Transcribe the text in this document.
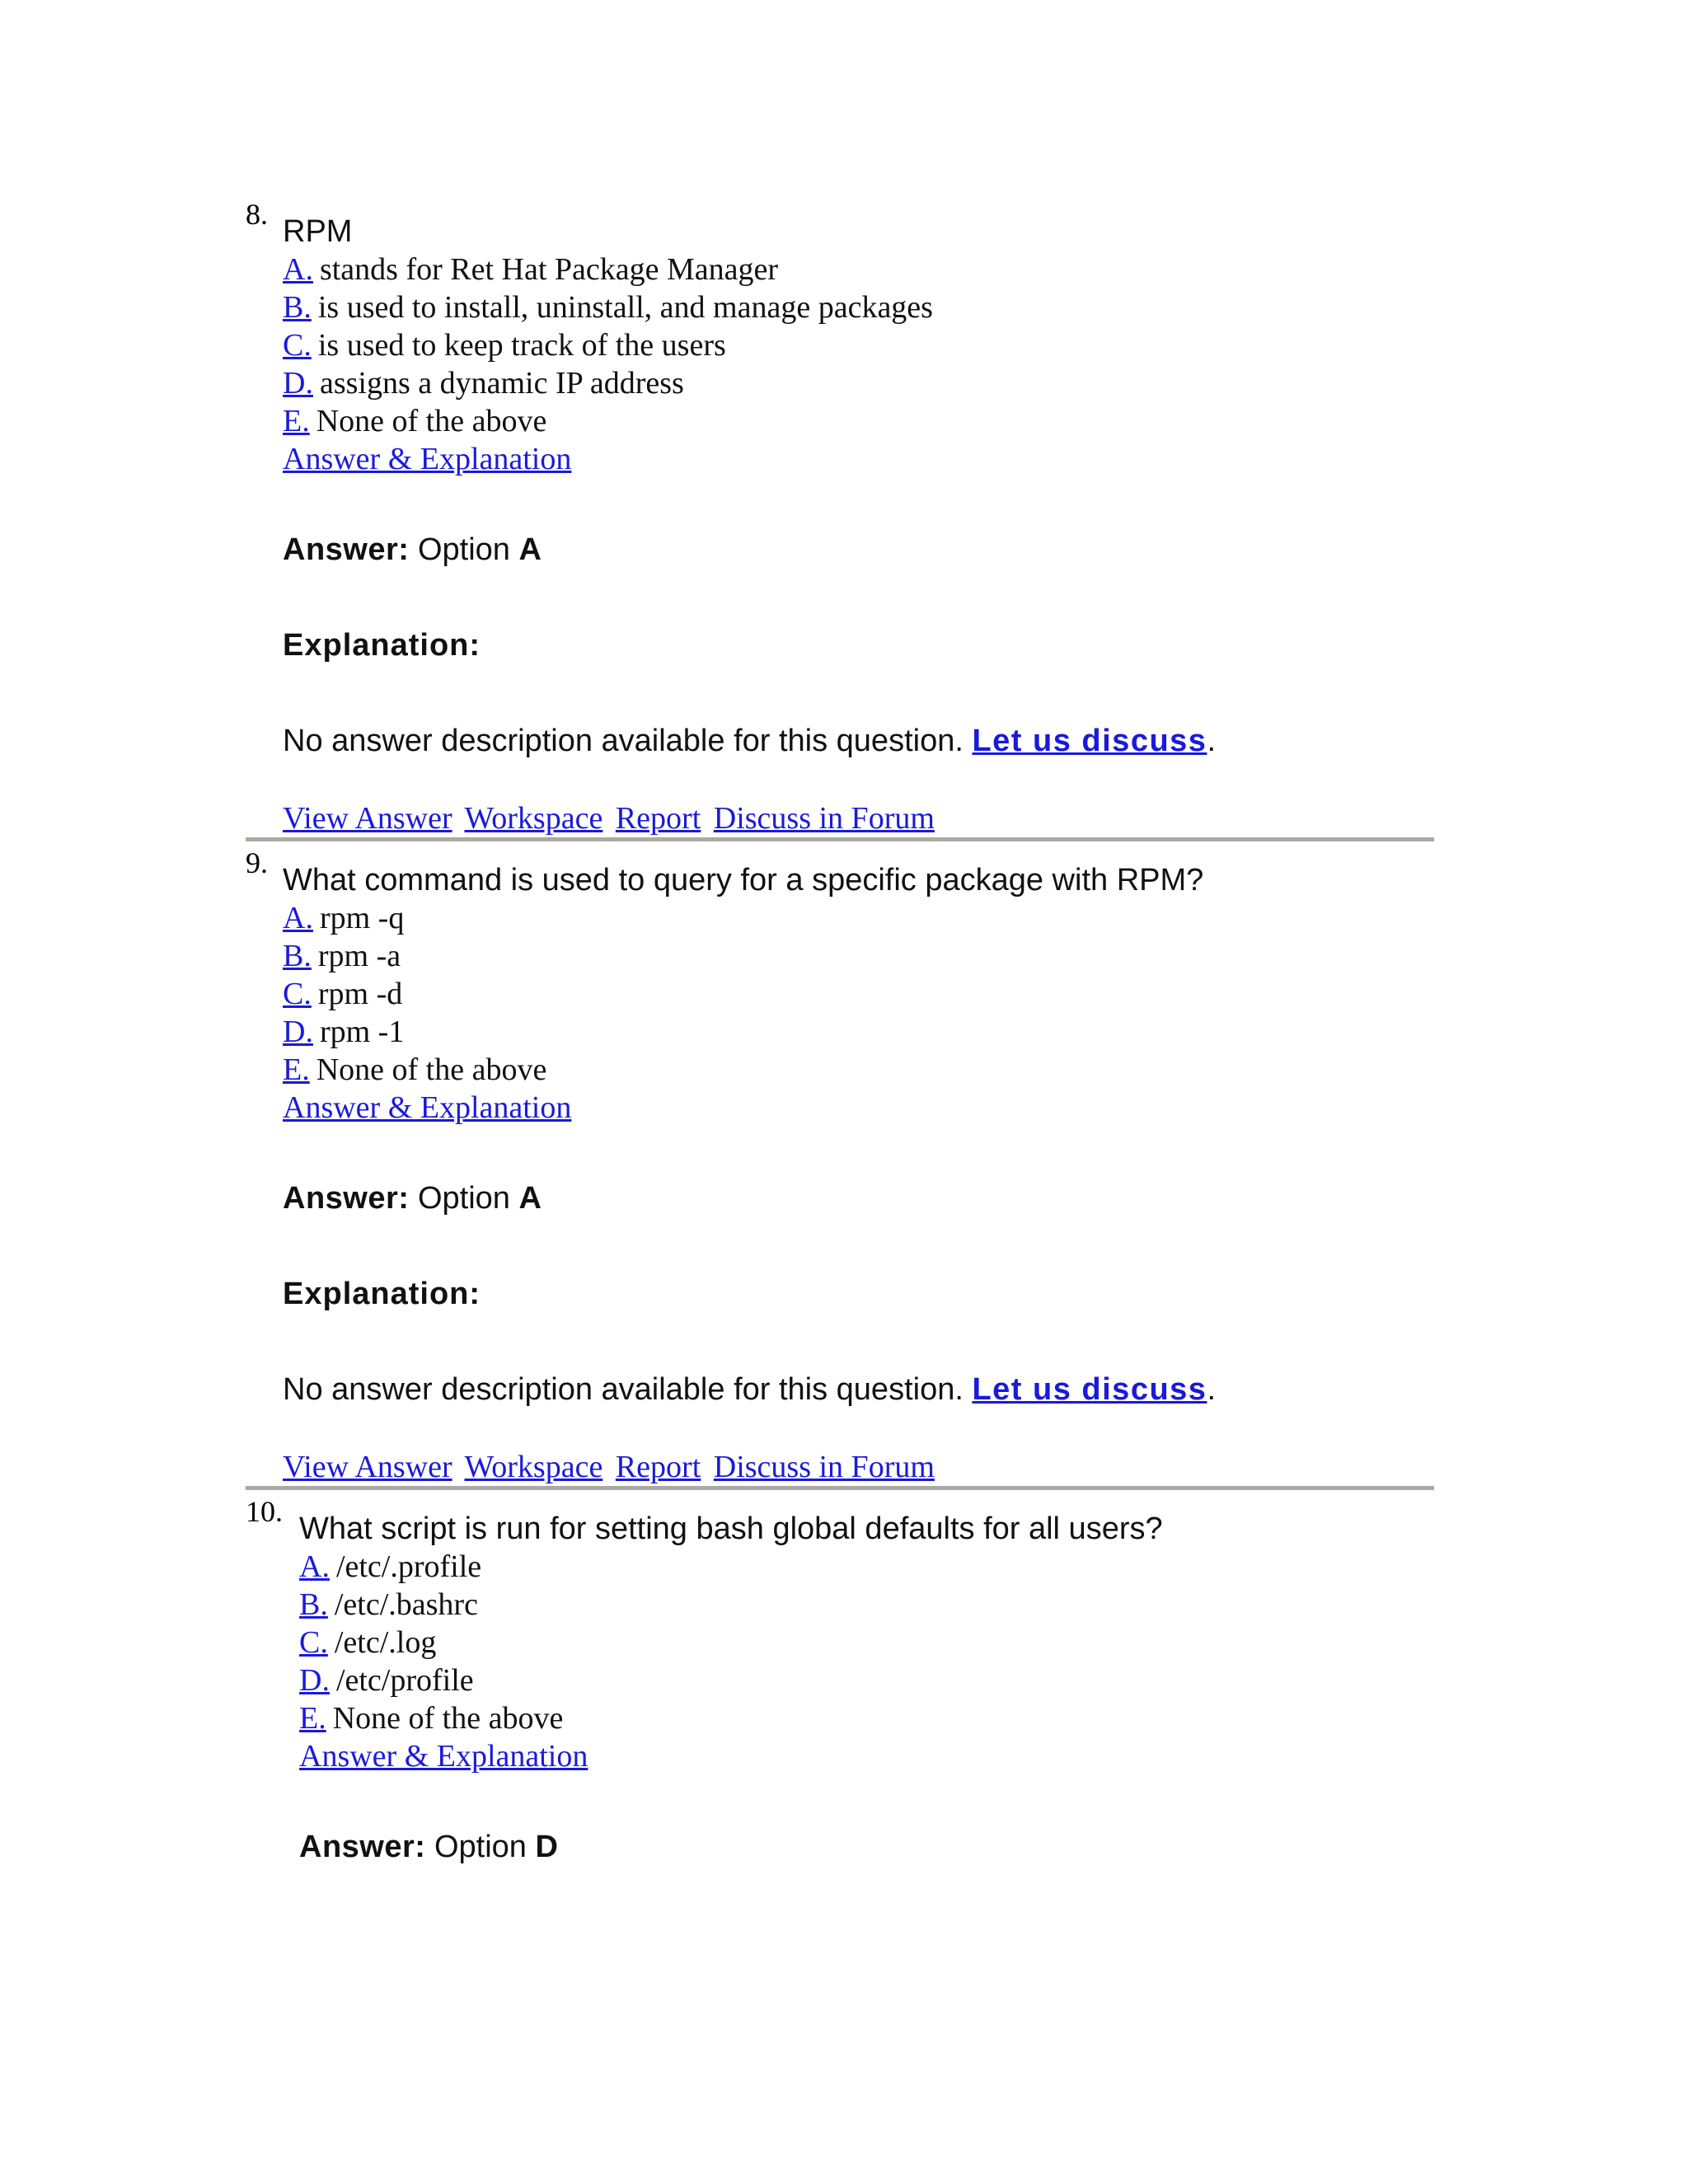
8. RPM
A. stands for Ret Hat Package Manager
B. is used to install, uninstall, and manage packages
C. is used to keep track of the users
D. assigns a dynamic IP address
E. None of the above
Answer & Explanation
Answer: Option A
Explanation:
No answer description available for this question. Let us discuss.
View Answer Workspace Report Discuss in Forum
9. What command is used to query for a specific package with RPM?
A. rpm -q
B. rpm -a
C. rpm -d
D. rpm -1
E. None of the above
Answer & Explanation
Answer: Option A
Explanation:
No answer description available for this question. Let us discuss.
View Answer Workspace Report Discuss in Forum
10. What script is run for setting bash global defaults for all users?
A. /etc/.profile
B. /etc/.bashrc
C. /etc/.log
D. /etc/profile
E. None of the above
Answer & Explanation
Answer: Option D
